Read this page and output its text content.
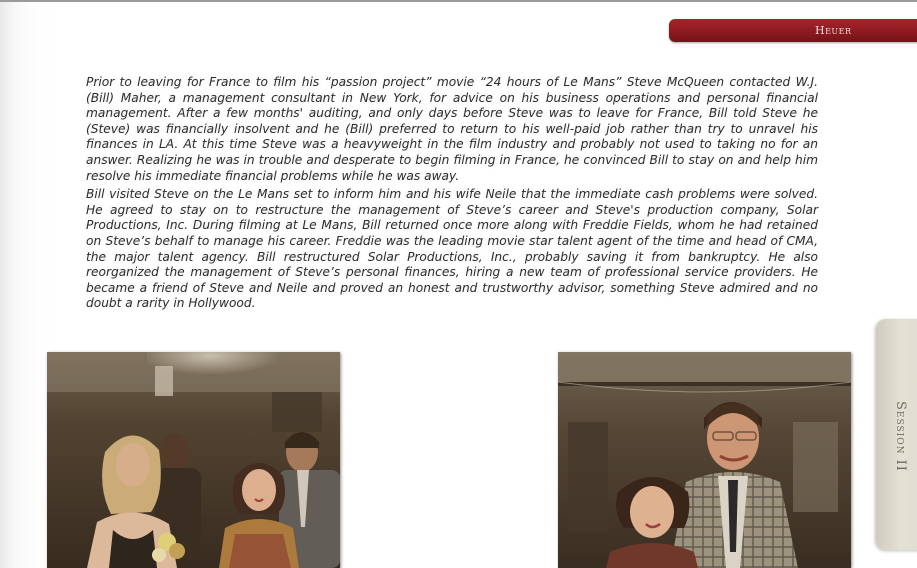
Heuer

Prior to leaving for France to film his “passion project” movie “24 hours of Le Mans” Steve McQueen contacted W.J. (Bill) Maher, a management consultant in New York, for advice on his business operations and personal financial management. After a few months' auditing, and only days before Steve was to leave for France, Bill told Steve he (Steve) was financially insolvent and he (Bill) preferred to return to his well-paid job rather than try to unravel his finances in LA. At this time Steve was a heavyweight in the film industry and probably not used to taking no for an answer. Realizing he was in trouble and desperate to begin filming in France, he convinced Bill to stay on and help him resolve his immediate financial problems while he was away.

Bill visited Steve on the Le Mans set to inform him and his wife Neile that the immediate cash problems were solved. He agreed to stay on to restructure the management of Steve’s career and Steve's production company, Solar Productions, Inc. During filming at Le Mans, Bill returned once more along with Freddie Fields, whom he had retained on Steve’s behalf to manage his career. Freddie was the leading movie star talent agent of the time and head of CMA, the major talent agency. Bill restructured Solar Productions, Inc., probably saving it from bankruptcy. He also reorganized the management of Steve’s personal finances, hiring a new team of professional service providers. He became a friend of Steve and Neile and proved an honest and trustworthy advisor, something Steve admired and no doubt a rarity in Hollywood.

Session II
